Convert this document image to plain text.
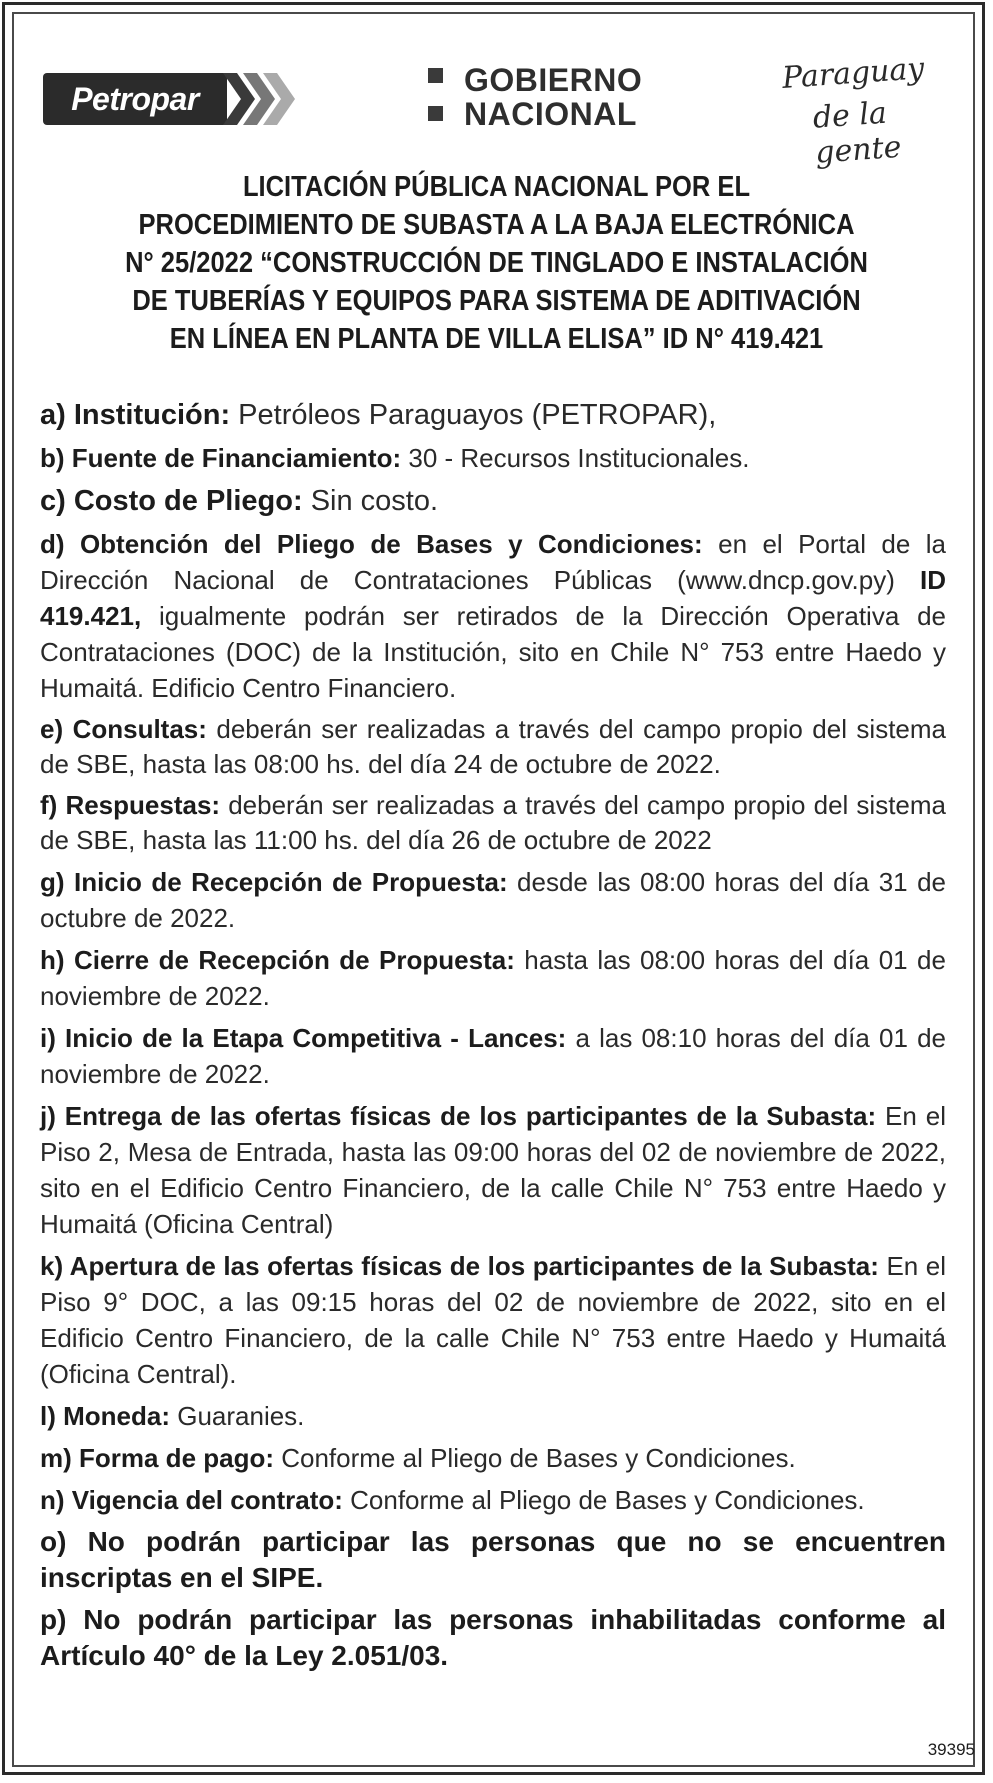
Petropar
GOBIERNO
NACIONAL
Paraguay
de la gente
LICITACIÓN PÚBLICA NACIONAL POR EL
PROCEDIMIENTO DE SUBASTA A LA BAJA ELECTRÓNICA
N° 25/2022 “CONSTRUCCIÓN DE TINGLADO E INSTALACIÓN
DE TUBERÍAS Y EQUIPOS PARA SISTEMA DE ADITIVACIÓN
EN LÍNEA EN PLANTA DE VILLA ELISA” ID N° 419.421
a) Institución: Petróleos Paraguayos (PETROPAR),
b) Fuente de Financiamiento: 30 - Recursos Institucionales.
c) Costo de Pliego: Sin costo.
d) Obtención del Pliego de Bases y Condiciones: en el Portal de la Dirección Nacional de Contrataciones Públicas (www.dncp.gov.py) ID 419.421, igualmente podrán ser retirados de la Dirección Operativa de Contrataciones (DOC) de la Institución, sito en Chile N° 753 entre Haedo y Humaitá. Edificio Centro Financiero.
e) Consultas: deberán ser realizadas a través del campo propio del sistema de SBE, hasta las 08:00 hs. del día 24 de octubre de 2022.
f) Respuestas: deberán ser realizadas a través del campo propio del sistema de SBE, hasta las 11:00 hs. del día 26 de octubre de 2022
g) Inicio de Recepción de Propuesta: desde las 08:00 horas del día 31 de octubre de 2022.
h) Cierre de Recepción de Propuesta: hasta las 08:00 horas del día 01 de noviembre de 2022.
i) Inicio de la Etapa Competitiva - Lances: a las 08:10 horas del día 01 de noviembre de 2022.
j) Entrega de las ofertas físicas de los participantes de la Subasta: En el Piso 2, Mesa de Entrada, hasta las 09:00 horas del 02 de noviembre de 2022, sito en el Edificio Centro Financiero, de la calle Chile N° 753 entre Haedo y Humaitá (Oficina Central)
k) Apertura de las ofertas físicas de los participantes de la Subasta: En el Piso 9° DOC, a las 09:15 horas del 02 de noviembre de 2022, sito en el Edificio Centro Financiero, de la calle Chile N° 753 entre Haedo y Humaitá (Oficina Central).
l) Moneda: Guaranies.
m) Forma de pago: Conforme al Pliego de Bases y Condiciones.
n) Vigencia del contrato: Conforme al Pliego de Bases y Condiciones.
o) No podrán participar las personas que no se encuentren inscriptas en el SIPE.
p) No podrán participar las personas inhabilitadas conforme al Artículo 40° de la Ley 2.051/03.
39395
